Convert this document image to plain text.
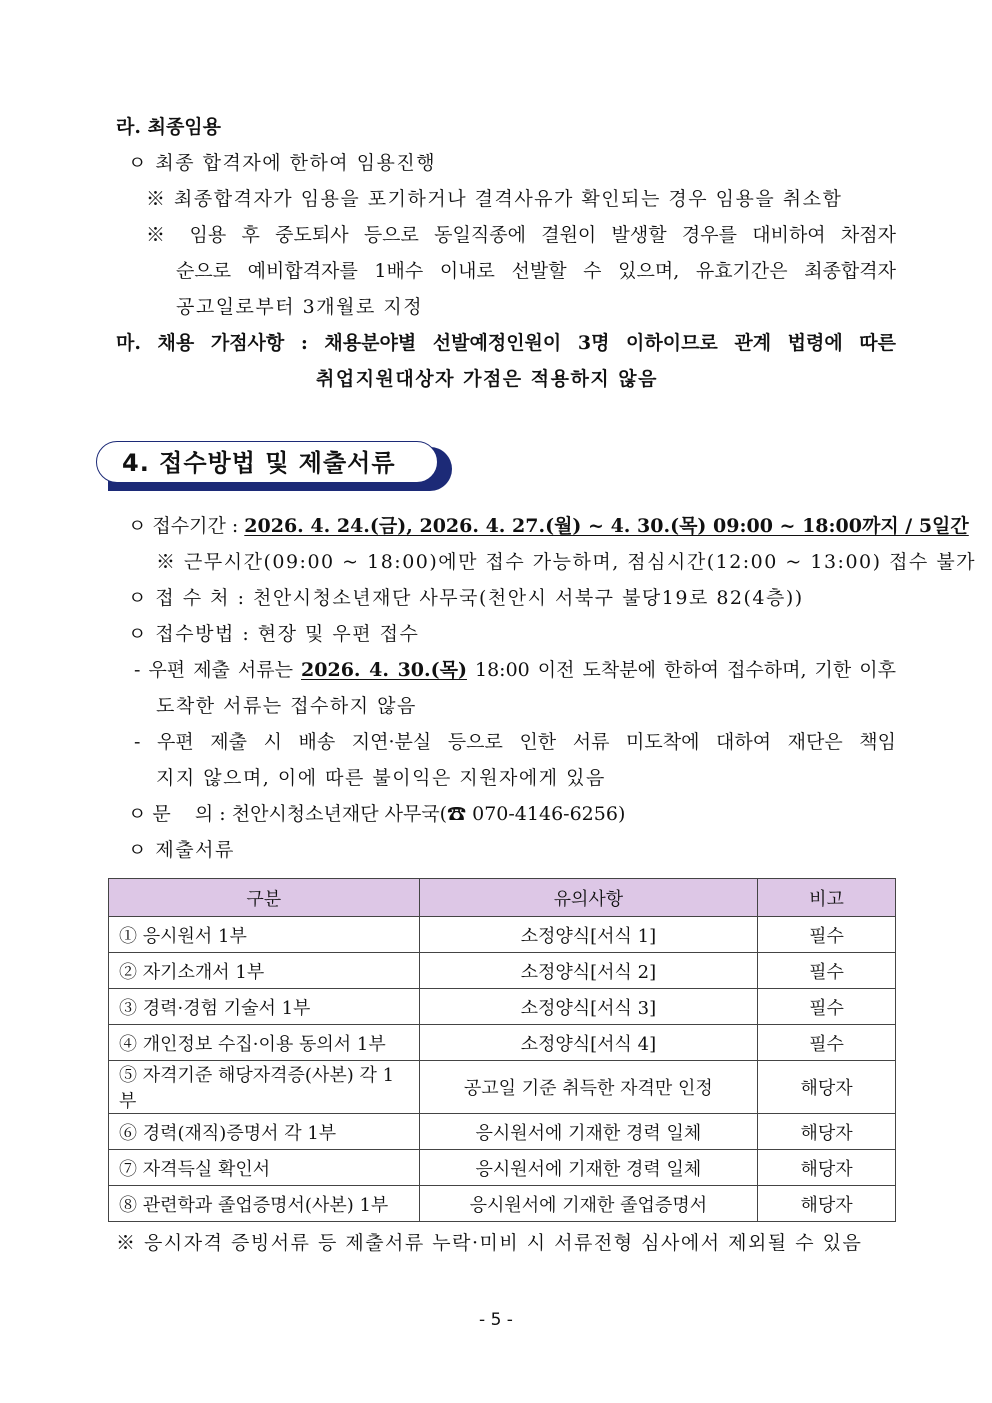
라. 최종임용
ㅇ 최종 합격자에 한하여 임용진행
※ 최종합격자가 임용을 포기하거나 결격사유가 확인되는 경우 임용을 취소함
※ 임용 후 중도퇴사 등으로 동일직종에 결원이 발생할 경우를 대비하여 차점자
순으로 예비합격자를 1배수 이내로 선발할 수 있으며, 유효기간은 최종합격자
공고일로부터 3개월로 지정
마. 채용 가점사항 : 채용분야별 선발예정인원이 3명 이하이므로 관계 법령에 따른
취업지원대상자 가점은 적용하지 않음
4. 접수방법 및 제출서류
ㅇ 접수기간 : 2026. 4. 24.(금), 2026. 4. 27.(월) ~ 4. 30.(목) 09:00 ~ 18:00까지 / 5일간
※ 근무시간(09:00 ~ 18:00)에만 접수 가능하며, 점심시간(12:00 ~ 13:00) 접수 불가
ㅇ 접 수 처 : 천안시청소년재단 사무국(천안시 서북구 불당19로 82(4층))
ㅇ 접수방법 : 현장 및 우편 접수
- 우편 제출 서류는 2026. 4. 30.(목) 18:00 이전 도착분에 한하여 접수하며, 기한 이후
도착한 서류는 접수하지 않음
- 우편 제출 시 배송 지연·분실 등으로 인한 서류 미도착에 대하여 재단은 책임
지지 않으며, 이에 따른 불이익은 지원자에게 있음
ㅇ 문    의 : 천안시청소년재단 사무국(☎ 070-4146-6256)
ㅇ 제출서류
구분	유의사항	비고
① 응시원서 1부	소정양식[서식 1]	필수
② 자기소개서 1부	소정양식[서식 2]	필수
③ 경력·경험 기술서 1부	소정양식[서식 3]	필수
④ 개인정보 수집·이용 동의서 1부	소정양식[서식 4]	필수
⑤ 자격기준 해당자격증(사본) 각 1부	공고일 기준 취득한 자격만 인정	해당자
⑥ 경력(재직)증명서 각 1부	응시원서에 기재한 경력 일체	해당자
⑦ 자격득실 확인서	응시원서에 기재한 경력 일체	해당자
⑧ 관련학과 졸업증명서(사본) 1부	응시원서에 기재한 졸업증명서	해당자
※ 응시자격 증빙서류 등 제출서류 누락·미비 시 서류전형 심사에서 제외될 수 있음
- 5 -
